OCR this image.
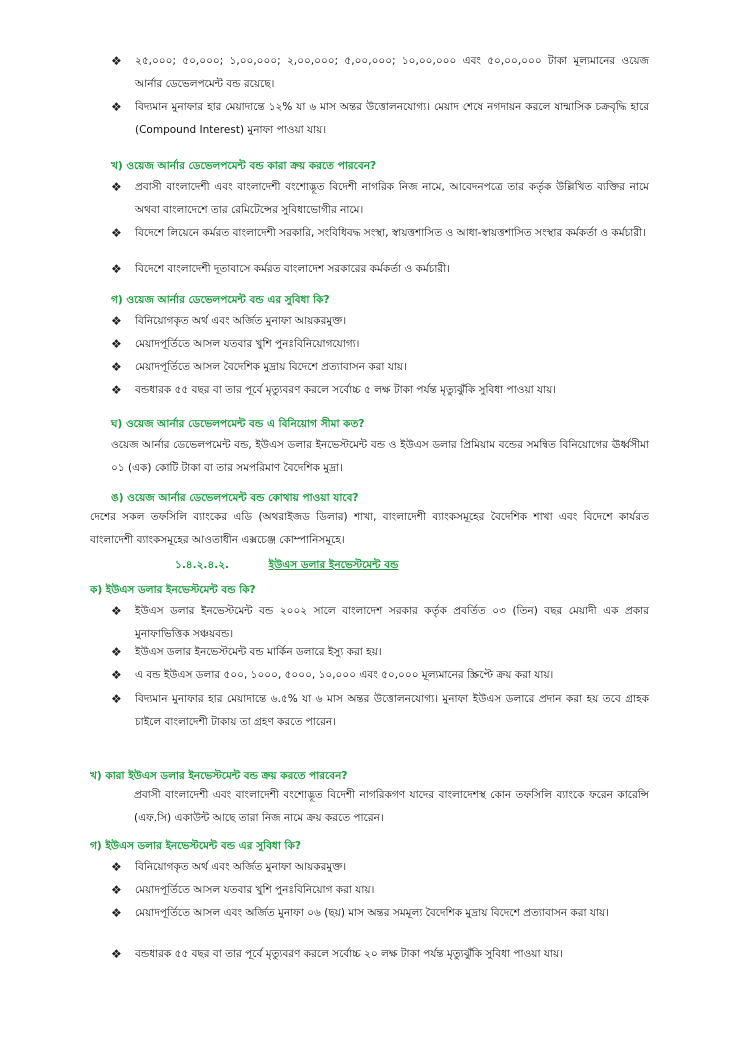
❖ ২৫,০০০; ৫০,০০০; ১,০০,০০০; ২,০০,০০০; ৫,০০,০০০; ১০,০০,০০০ এবং ৫০,০০,০০০ টাকা মূল্যমানের ওয়েজ আর্নার ডেভেলপমেন্ট বন্ড রয়েছে।
❖ বিদ্যমান মুনাফার হার মেয়াদান্তে ১২% যা ৬ মাস অন্তর উত্তোলনযোগ্য। মেয়াদ শেষে নগদায়ন করলে ষান্মাসিক চক্রবৃদ্ধি হারে (Compound Interest) মুনাফা পাওয়া যায়।
খ) ওয়েজ আর্নার ডেভেলপমেন্ট বন্ড কারা ক্রয় করতে পারবেন?
❖ প্রবাসী বাংলাদেশী এবং বাংলাদেশী বংশোদ্ভূত বিদেশী নাগরিক নিজ নামে, আবেদনপত্রে তার কর্তৃক উল্লিখিত ব্যক্তির নামে অথবা বাংলাদেশে তার রেমিটেন্সের সুবিধাভোগীর নামে।
❖ বিদেশে লিয়েনে কর্মরত বাংলাদেশী সরকারি, সংবিধিবদ্ধ সংস্থা, স্বায়ত্তশাসিত ও আধা-স্বায়ত্তশাসিত সংস্থার কর্মকর্তা ও কর্মচারী।
❖ বিদেশে বাংলাদেশী দূতাবাসে কর্মরত বাংলাদেশ সরকারের কর্মকর্তা ও কর্মচারী।
গ) ওয়েজ আর্নার ডেভেলপমেন্ট বন্ড এর সুবিধা কি?
❖ বিনিয়োগকৃত অর্থ এবং অর্জিত মুনাফা আয়করমুক্ত।
❖ মেয়াদপূর্তিতে আসল যতবার খুশি পুনঃবিনিয়োগযোগ্য।
❖ মেয়াদপূর্তিতে আসল বৈদেশিক মুদ্রায় বিদেশে প্রত্যাবাসন করা যায়।
❖ বন্ডধারক ৫৫ বছর বা তার পূর্বে মৃত্যুবরণ করলে সর্বোচ্চ ৫ লক্ষ টাকা পর্যন্ত মৃত্যুঝুঁকি সুবিধা পাওয়া যায়।
ঘ) ওয়েজ আর্নার ডেভেলপমেন্ট বন্ড এ বিনিয়োগ সীমা কত?
ওয়েজ আর্নার ডেভেলপমেন্ট বন্ড, ইউএস ডলার ইনভেস্টমেন্ট বন্ড ও ইউএস ডলার প্রিমিয়াম বন্ডের সমন্বিত বিনিয়োগের ঊর্ধ্বসীমা ০১ (এক) কোটি টাকা বা তার সমপরিমাণ বৈদেশিক মুদ্রা।
ঙ) ওয়েজ আর্নার ডেভেলপমেন্ট বন্ড কোথায় পাওয়া যাবে?
দেশের সকল তফসিলি ব্যাংকের এডি (অথরাইজড ডিলার) শাখা, বাংলাদেশী ব্যাংকসমূহের বৈদেশিক শাখা এবং বিদেশে কার্যরত বাংলাদেশী ব্যাংকসমূহের আওতাধীন এক্সচেঞ্জ কোম্পানিসমূহে।
১.৪.২.৪.২.	ইউএস ডলার ইনভেস্টমেন্ট বন্ড
ক) ইউএস ডলার ইনভেস্টমেন্ট বন্ড কি?
❖ ইউএস ডলার ইনভেস্টমেন্ট বন্ড ২০০২ সালে বাংলাদেশ সরকার কর্তৃক প্রবর্তিত ০৩ (তিন) বছর মেয়াদী এক প্রকার মুনাফাভিত্তিক সঞ্চয়বন্ড।
❖ ইউএস ডলার ইনভেস্টমেন্ট বন্ড মার্কিন ডলারে ইস্যু করা হয়।
❖ এ বন্ড ইউএস ডলার ৫০০, ১০০০, ৫০০০, ১০,০০০ এবং ৫০,০০০ মূল্যমানের স্ক্রিপ্টে ক্রয় করা যায়।
❖ বিদ্যমান মুনাফার হার মেয়াদান্তে ৬.৫% যা ৬ মাস অন্তর উত্তোলনযোগ্য। মুনাফা ইউএস ডলারে প্রদান করা হয় তবে গ্রাহক চাইলে বাংলাদেশী টাকায় তা গ্রহণ করতে পারেন।
খ) কারা ইউএস ডলার ইনভেস্টমেন্ট বন্ড ক্রয় করতে পারবেন?
প্রবাসী বাংলাদেশী এবং বাংলাদেশী বংশোদ্ভূত বিদেশী নাগরিকগণ যাদের বাংলাদেশস্থ কোন তফসিলি ব্যাংকে ফরেন কারেন্সি (এফ.সি) একাউন্ট আছে তারা নিজ নামে ক্রয় করতে পারেন।
গ) ইউএস ডলার ইনভেস্টমেন্ট বন্ড এর সুবিধা কি?
❖ বিনিয়োগকৃত অর্থ এবং অর্জিত মুনাফা আয়করমুক্ত।
❖ মেয়াদপূর্তিতে আসল যতবার খুশি পুনঃবিনিয়োগ করা যায়।
❖ মেয়াদপূর্তিতে আসল এবং অর্জিত মুনাফা ০৬ (ছয়) মাস অন্তর সমমূল্য বৈদেশিক মুদ্রায় বিদেশে প্রত্যাবাসন করা যায়।
❖ বন্ডধারক ৫৫ বছর বা তার পূর্বে মৃত্যুবরণ করলে সর্বোচ্চ ২০ লক্ষ টাকা পর্যন্ত মৃত্যুঝুঁকি সুবিধা পাওয়া যায়।
